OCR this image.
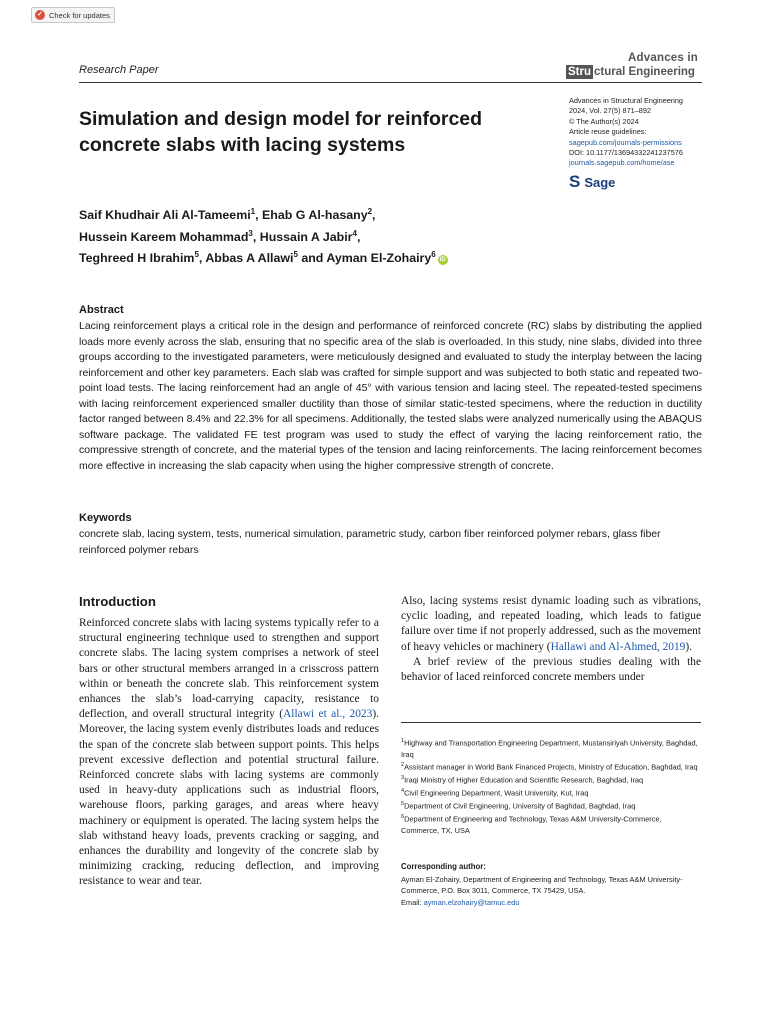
✓ Check for updates
Research Paper
Advances in
Stru ctural Engineering
Simulation and design model for reinforced concrete slabs with lacing systems
Advances in Structural Engineering
2024, Vol. 27(5) 871–892
© The Author(s) 2024
Article reuse guidelines:
sagepub.com/journals-permissions
DOI: 10.1177/13694332241237576
journals.sagepub.com/home/ase
S Sage
Saif Khudhair Ali Al-Tameemi$^1$, Ehab G Al-hasany$^2$,
Hussein Kareem Mohammad$^3$, Hussain A Jabir$^4$,
Teghreed H Ibrahim$^5$, Abbas A Allawi$^5$ and Ayman El-Zohairy$^6$iD
Abstract
Lacing reinforcement plays a critical role in the design and performance of reinforced concrete (RC) slabs by distributing the applied loads more evenly across the slab, ensuring that no specific area of the slab is overloaded. In this study, nine slabs, divided into three groups according to the investigated parameters, were meticulously designed and evaluated to study the interplay between the lacing reinforcement and other key parameters. Each slab was crafted for simple support and was subjected to both static and repeated two-point load tests. The lacing reinforcement had an angle of 45° with various tension and lacing steel. The repeated-tested specimens with lacing reinforcement experienced smaller ductility than those of similar static-tested specimens, where the reduction in ductility factor ranged between 8.4% and 22.3% for all specimens. Additionally, the tested slabs were analyzed numerically using the ABAQUS software package. The validated FE test program was used to study the effect of varying the lacing reinforcement ratio, the compressive strength of concrete, and the material types of the tension and lacing reinforcements. The lacing reinforcement becomes more effective in increasing the slab capacity when using the higher compressive strength of concrete.
Keywords
concrete slab, lacing system, tests, numerical simulation, parametric study, carbon fiber reinforced polymer rebars, glass fiber reinforced polymer rebars
Introduction

Reinforced concrete slabs with lacing systems typically refer to a structural engineering technique used to strengthen and support concrete slabs. The lacing system comprises a network of steel bars or other structural members arranged in a crisscross pattern within or beneath the concrete slab. This reinforcement system enhances the slab’s load-carrying capacity, resistance to deflection, and overall structural integrity (Allawi et al., 2023). Moreover, the lacing system evenly distributes loads and reduces the span of the concrete slab between support points. This helps prevent excessive deflection and potential structural failure. Reinforced concrete slabs with lacing systems are commonly used in heavy-duty applications such as industrial floors, warehouse floors, parking garages, and areas where heavy machinery or equipment is operated. The lacing system helps the slab withstand heavy loads, prevents cracking or sagging, and enhances the durability and longevity of the concrete slab by minimizing cracking, reducing deflection, and improving resistance to wear and tear.

Also, lacing systems resist dynamic loading such as vibrations, cyclic loading, and repeated loading, which leads to fatigue failure over time if not properly addressed, such as the movement of heavy vehicles or machinery (Hallawi and Al-Ahmed, 2019).

A brief review of the previous studies dealing with the behavior of laced reinforced concrete members under

$^1$Highway and Transportation Engineering Department, Mustansiriyah University, Baghdad, Iraq
$^2$Assistant manager in World Bank Financed Projects, Ministry of Education, Baghdad, Iraq
$^3$Iraqi Ministry of Higher Education and Scientific Research, Baghdad, Iraq
$^4$Civil Engineering Department, Wasit University, Kut, Iraq
$^5$Department of Civil Engineering, University of Baghdad, Baghdad, Iraq
$^6$Department of Engineering and Technology, Texas A&M University-Commerce, Commerce, TX, USA
Corresponding author:
Ayman El-Zohairy, Department of Engineering and Technology, Texas A&M University-Commerce, P.O. Box 3011, Commerce, TX 75429, USA.
Email: ayman.elzohairy@tamuc.edu
